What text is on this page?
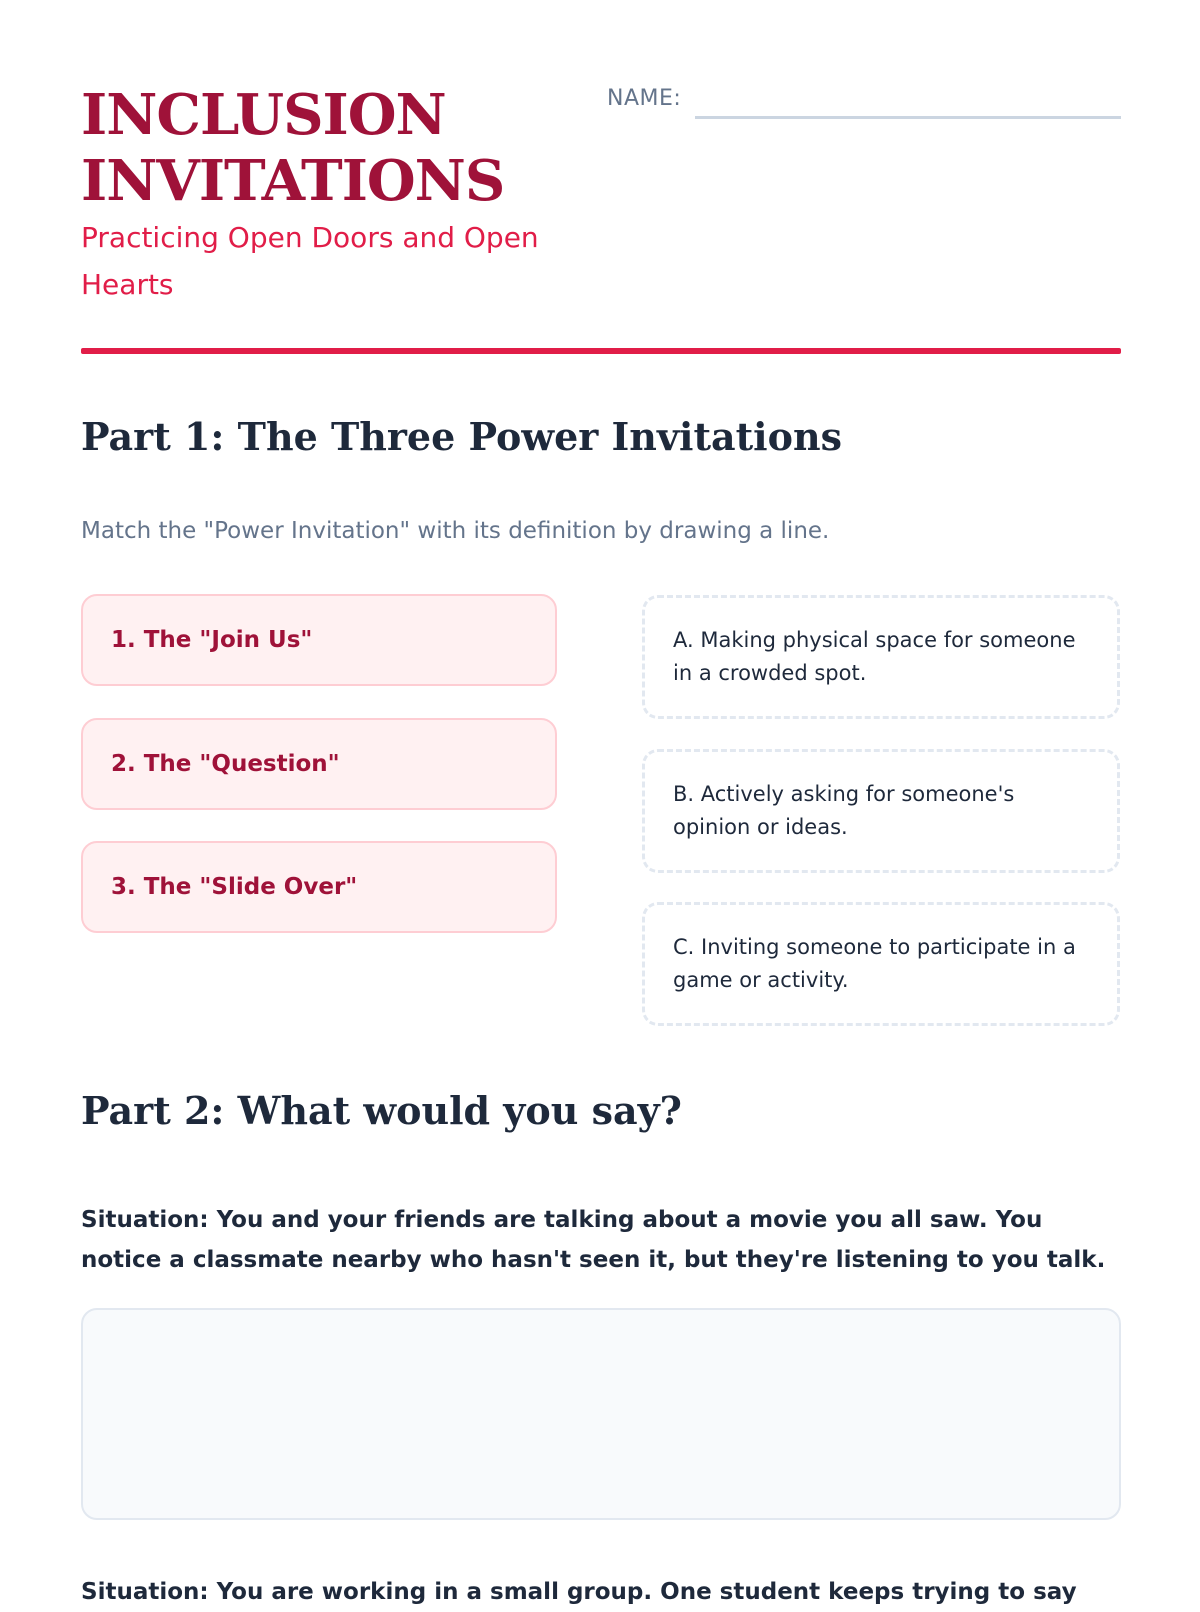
INCLUSION INVITATIONS

Practicing Open Doors and Open Hearts

NAME:
Part 1: The Three Power Invitations

Match the "Power Invitation" with its definition by drawing a line.

1. The "Join Us"
2. The "Question"
3. The "Slide Over"
A. Making physical space for someone in a crowded spot.
B. Actively asking for someone's opinion or ideas.
C. Inviting someone to participate in a game or activity.
Part 2: What would you say?

Situation: You and your friends are talking about a movie you all saw. You notice a classmate nearby who hasn't seen it, but they're listening to you talk.

Situation: You are working in a small group. One student keeps trying to say
